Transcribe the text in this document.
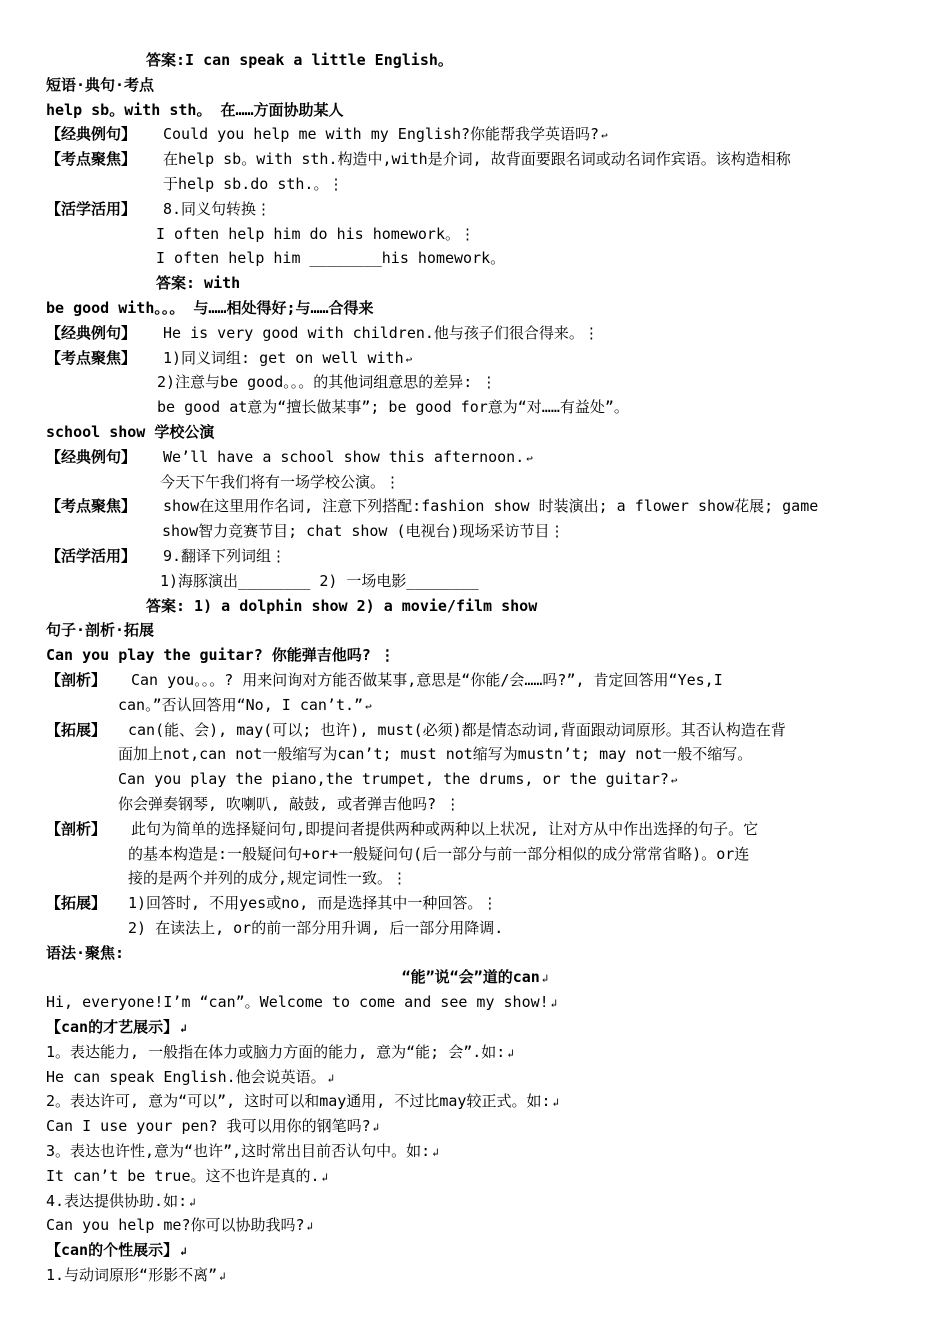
答案:I can speak a little English。
短语·典句·考点
help sb。with sth。 在……方面协助某人
【经典例句】 Could you help me with my English?你能帮我学英语吗? ↩
【考点聚焦】 在help sb。with sth.构造中,with是介词, 故背面要跟名词或动名词作宾语。该构造相称
于help sb.do sth.。⋮
【活学活用】 8.同义句转换⋮
I often help him do his homework。⋮
I often help him ________his homework。
答案: with
be good with。。。 与……相处得好;与……合得来
【经典例句】 He is very good with children.他与孩子们很合得来。⋮
【考点聚焦】 1)同义词组: get on well with ↩
2)注意与be good。。。的其他词组意思的差异: ⋮
be good at意为“擅长做某事”; be good for意为“对……有益处”。
school show 学校公演
【经典例句】 We’ll have a school show this afternoon. ↩
今天下午我们将有一场学校公演。⋮
【考点聚焦】 show在这里用作名词, 注意下列搭配:fashion show 时装演出; a flower show花展; game
show智力竞赛节目; chat show (电视台)现场采访节目⋮
【活学活用】 9.翻译下列词组⋮
1)海豚演出________ 2) 一场电影________
答案: 1) a dolphin show 2) a movie/film show
句子·剖析·拓展
Can you play the guitar? 你能弹吉他吗? ⋮
【剖析】 Can you。。。? 用来问询对方能否做某事,意思是“你能/会……吗?”, 肯定回答用“Yes,I
can。”否认回答用“No, I can’t.” ↩
【拓展】 can(能、会), may(可以; 也许), must(必须)都是情态动词,背面跟动词原形。其否认构造在背
面加上not,can not一般缩写为can’t; must not缩写为mustn’t; may not一般不缩写。
Can you play the piano,the trumpet, the drums, or the guitar? ↩
你会弹奏钢琴, 吹喇叭, 敲鼓, 或者弹吉他吗? ⋮
【剖析】 此句为简单的选择疑问句,即提问者提供两种或两种以上状况, 让对方从中作出选择的句子。它
的基本构造是:一般疑问句+or+一般疑问句(后一部分与前一部分相似的成分常常省略)。or连
接的是两个并列的成分,规定词性一致。⋮
【拓展】 1)回答时, 不用yes或no, 而是选择其中一种回答。⋮
2) 在读法上, or的前一部分用升调, 后一部分用降调.
语法·聚焦:
“能”说“会”道的can ↲
Hi, everyone!I’m “can”。Welcome to come and see my show! ↲
【can的才艺展示】 ↲
1。表达能力, 一般指在体力或脑力方面的能力, 意为“能; 会”.如: ↲
He can speak English.他会说英语。 ↲
2。表达许可, 意为“可以”, 这时可以和may通用, 不过比may较正式。如: ↲
Can I use your pen? 我可以用你的钢笔吗? ↲
3。表达也许性,意为“也许”,这时常出目前否认句中。如: ↲
It can’t be true。这不也许是真的. ↲
4.表达提供协助.如: ↲
Can you help me?你可以协助我吗? ↲
【can的个性展示】 ↲
1.与动词原形“形影不离” ↲
